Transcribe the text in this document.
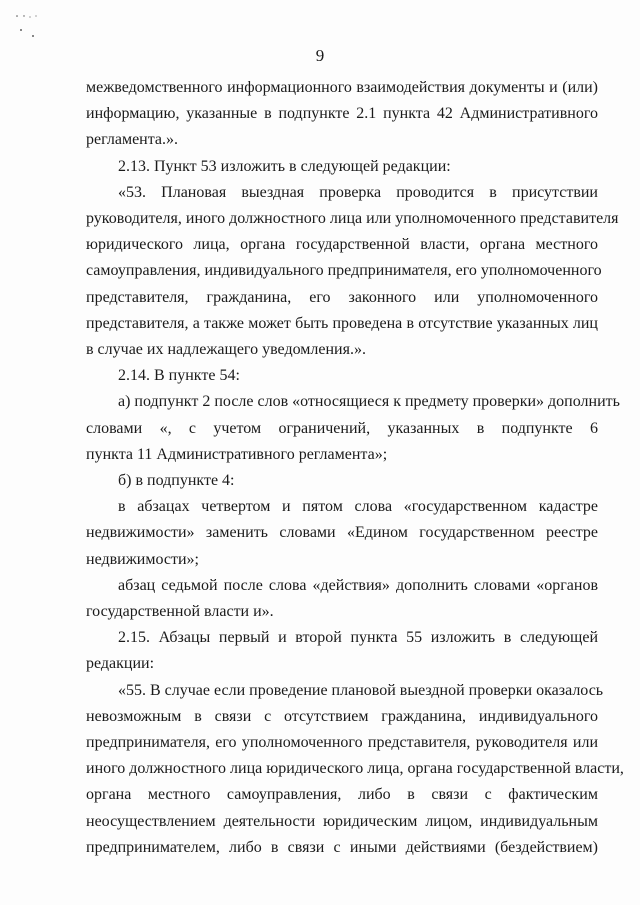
9
межведомственного информационного взаимодействия документы и (или)
информацию, указанные в подпункте 2.1 пункта 42 Административного
регламента.».
2.13. Пункт 53 изложить в следующей редакции:
«53. Плановая выездная проверка проводится в присутствии
руководителя, иного должностного лица или уполномоченного представителя
юридического лица, органа государственной власти, органа местного
самоуправления, индивидуального предпринимателя, его уполномоченного
представителя, гражданина, его законного или уполномоченного
представителя, а также может быть проведена в отсутствие указанных лиц
в случае их надлежащего уведомления.».
2.14. В пункте 54:
а) подпункт 2 после слов «относящиеся к предмету проверки» дополнить
словами «, с учетом ограничений, указанных в подпункте 6
пункта 11 Административного регламента»;
б) в подпункте 4:
в абзацах четвертом и пятом слова «государственном кадастре
недвижимости» заменить словами «Едином государственном реестре
недвижимости»;
абзац седьмой после слова «действия» дополнить словами «органов
государственной власти и».
2.15. Абзацы первый и второй пункта 55 изложить в следующей
редакции:
«55. В случае если проведение плановой выездной проверки оказалось
невозможным в связи с отсутствием гражданина, индивидуального
предпринимателя, его уполномоченного представителя, руководителя или
иного должностного лица юридического лица, органа государственной власти,
органа местного самоуправления, либо в связи с фактическим
неосуществлением деятельности юридическим лицом, индивидуальным
предпринимателем, либо в связи с иными действиями (бездействием)
